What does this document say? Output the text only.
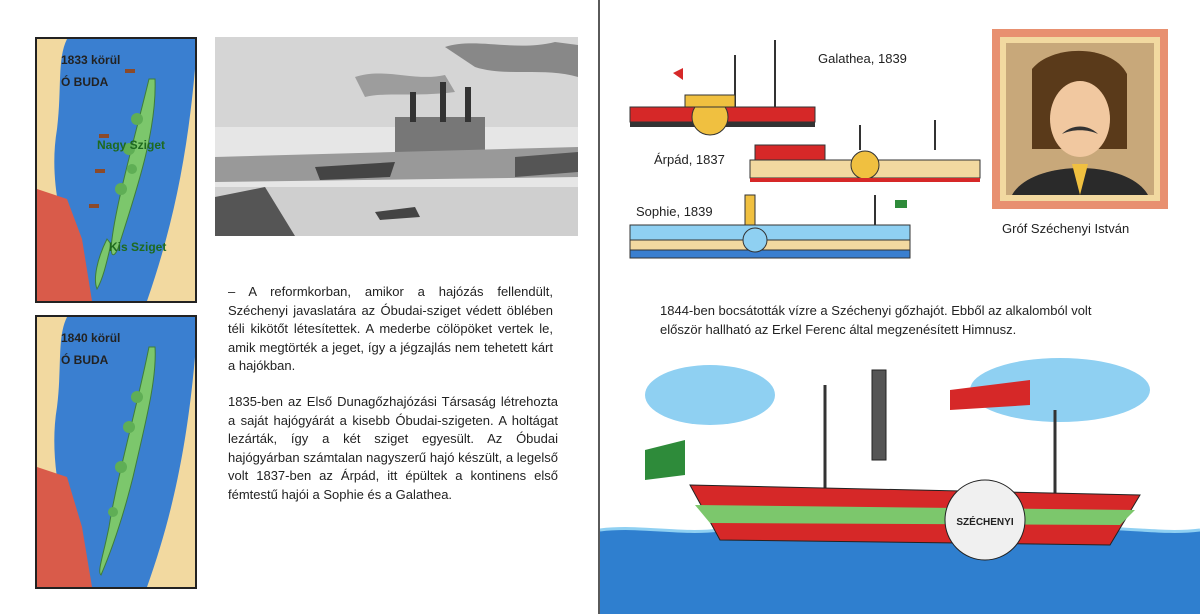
1833 körül
Ó BUDA
Nagy Sziget
Kis Sziget
1840 körül
Ó BUDA

– A reformkorban, amikor a hajózás fellendült, Széchenyi javaslatára az Óbudai-sziget védett öblében téli kikötőt létesítettek. A mederbe cölöpöket vertek le, amik megtörték a jeget, így a jégzajlás nem tehetett kárt a hajókban.

1835-ben az Első Dunagőzhajózási Társaság létrehozta a saját hajógyárát a kisebb Óbudai-szigeten. A holtágat lezárták, így a két sziget egyesült. Az Óbudai hajógyárban számtalan nagyszerű hajó készült, a legelső volt 1837-ben az Árpád, itt épültek a kontinens első fémtestű hajói a Sophie és a Galathea.

Galathea, 1839
Árpád, 1837
Sophie, 1839
Gróf Széchenyi István

1844-ben bocsátották vízre a Széchenyi gőzhajót. Ebből az alkalomból volt először hallható az Erkel Ferenc által megzenésített Himnusz.

SZÉCHENYI
